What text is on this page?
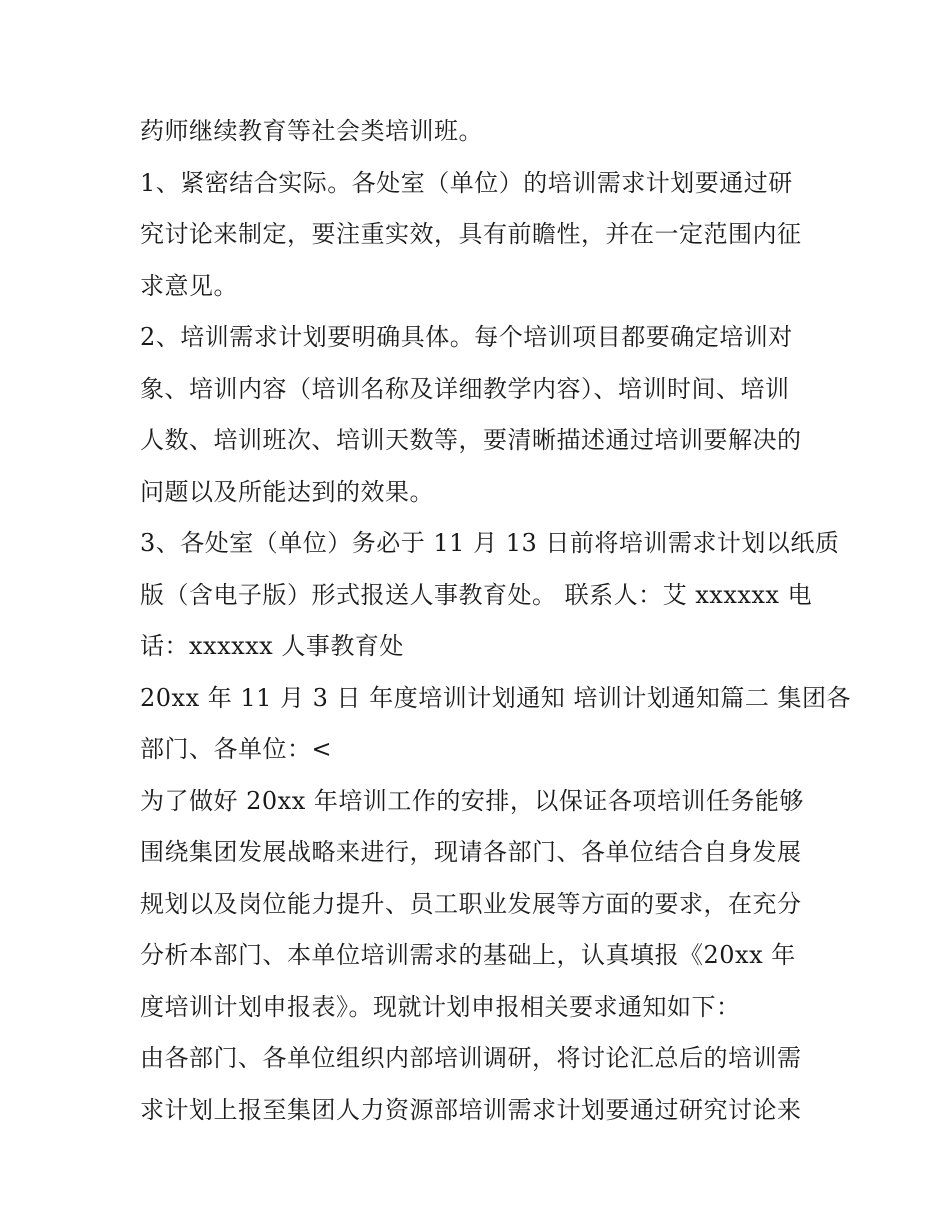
药师继续教育等社会类培训班。
1、紧密结合实际。各处室（单位）的培训需求计划要通过研
究讨论来制定，要注重实效，具有前瞻性，并在一定范围内征
求意见。
2、培训需求计划要明确具体。每个培训项目都要确定培训对
象、培训内容（培训名称及详细教学内容）、培训时间、培训
人数、培训班次、培训天数等，要清晰描述通过培训要解决的
问题以及所能达到的效果。
3、各处室（单位）务必于 11 月 13 日前将培训需求计划以纸质
版（含电子版）形式报送人事教育处。 联系人：艾 xxxxxx 电
话：xxxxxx 人事教育处
20xx 年 11 月 3 日 年度培训计划通知 培训计划通知篇二 集团各
部门、各单位：<
为了做好 20xx 年培训工作的安排，以保证各项培训任务能够
围绕集团发展战略来进行，现请各部门、各单位结合自身发展
规划以及岗位能力提升、员工职业发展等方面的要求，在充分
分析本部门、本单位培训需求的基础上，认真填报《20xx 年
度培训计划申报表》。现就计划申报相关要求通知如下：
由各部门、各单位组织内部培训调研，将讨论汇总后的培训需
求计划上报至集团人力资源部培训需求计划要通过研究讨论来
